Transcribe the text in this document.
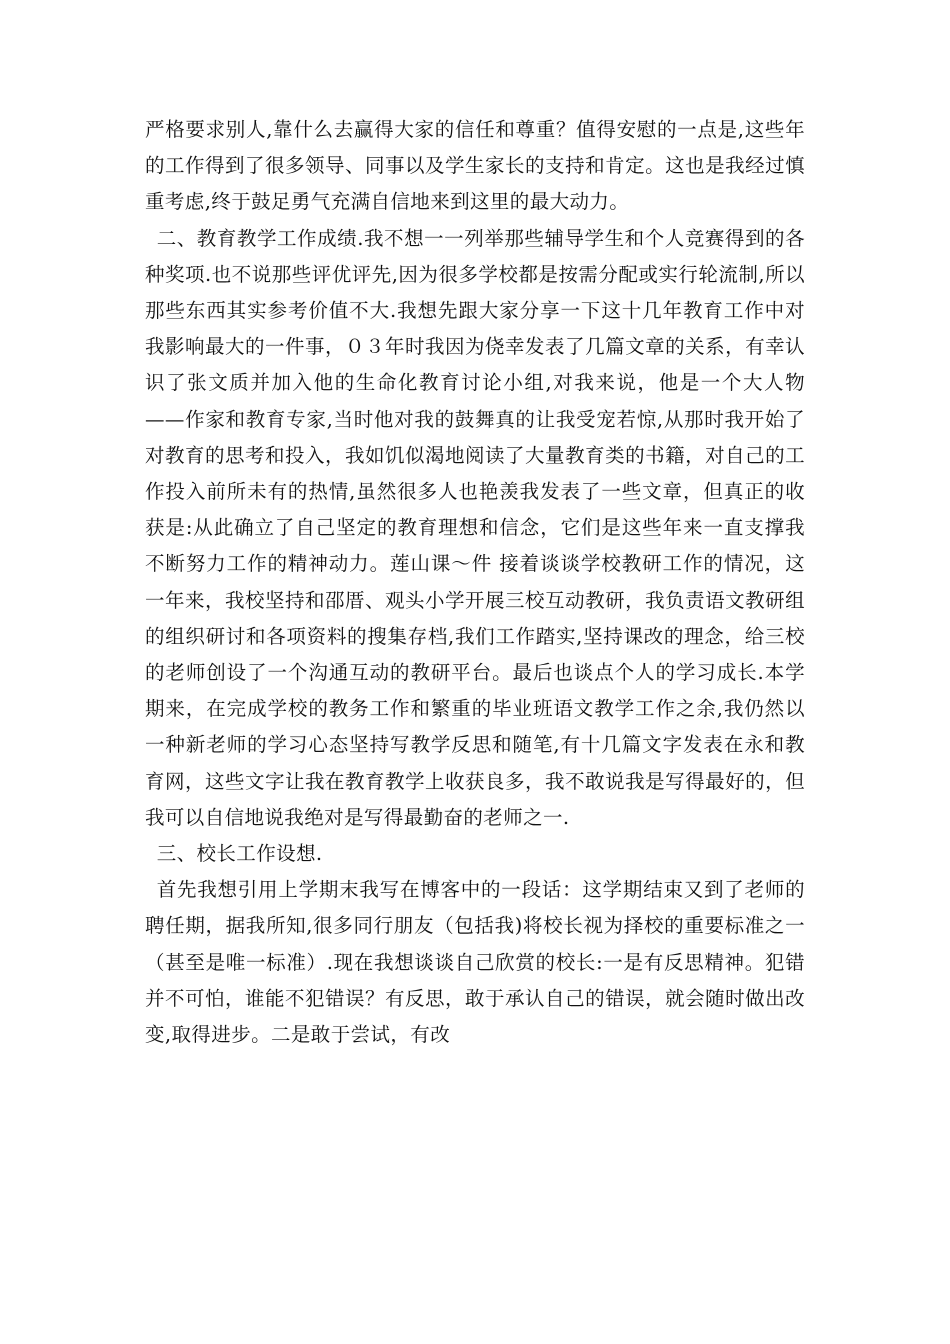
严格要求别人,靠什么去赢得大家的信任和尊重？值得安慰的一点是,这些年的工作得到了很多领导、同事以及学生家长的支持和肯定。这也是我经过慎重考虑,终于鼓足勇气充满自信地来到这里的最大动力。

二、教育教学工作成绩.我不想一一列举那些辅导学生和个人竞赛得到的各种奖项.也不说那些评优评先,因为很多学校都是按需分配或实行轮流制,所以那些东西其实参考价值不大.我想先跟大家分享一下这十几年教育工作中对我影响最大的一件事，０３年时我因为侥幸发表了几篇文章的关系，有幸认识了张文质并加入他的生命化教育讨论小组,对我来说，他是一个大人物——作家和教育专家,当时他对我的鼓舞真的让我受宠若惊,从那时我开始了对教育的思考和投入，我如饥似渴地阅读了大量教育类的书籍，对自己的工作投入前所未有的热情,虽然很多人也艳羡我发表了一些文章，但真正的收获是:从此确立了自己坚定的教育理想和信念，它们是这些年来一直支撑我不断努力工作的精神动力。莲山课～件 接着谈谈学校教研工作的情况，这一年来，我校坚持和邵厝、观头小学开展三校互动教研，我负责语文教研组的组织研讨和各项资料的搜集存档,我们工作踏实,坚持课改的理念，给三校的老师创设了一个沟通互动的教研平台。最后也谈点个人的学习成长.本学期来，在完成学校的教务工作和繁重的毕业班语文教学工作之余,我仍然以一种新老师的学习心态坚持写教学反思和随笔,有十几篇文字发表在永和教育网，这些文字让我在教育教学上收获良多，我不敢说我是写得最好的，但我可以自信地说我绝对是写得最勤奋的老师之一.

三、校长工作设想.

首先我想引用上学期末我写在博客中的一段话：这学期结束又到了老师的聘任期，据我所知,很多同行朋友（包括我)将校长视为择校的重要标准之一（甚至是唯一标准）.现在我想谈谈自己欣赏的校长:一是有反思精神。犯错并不可怕，谁能不犯错误？有反思，敢于承认自己的错误，就会随时做出改变,取得进步。二是敢于尝试，有改
